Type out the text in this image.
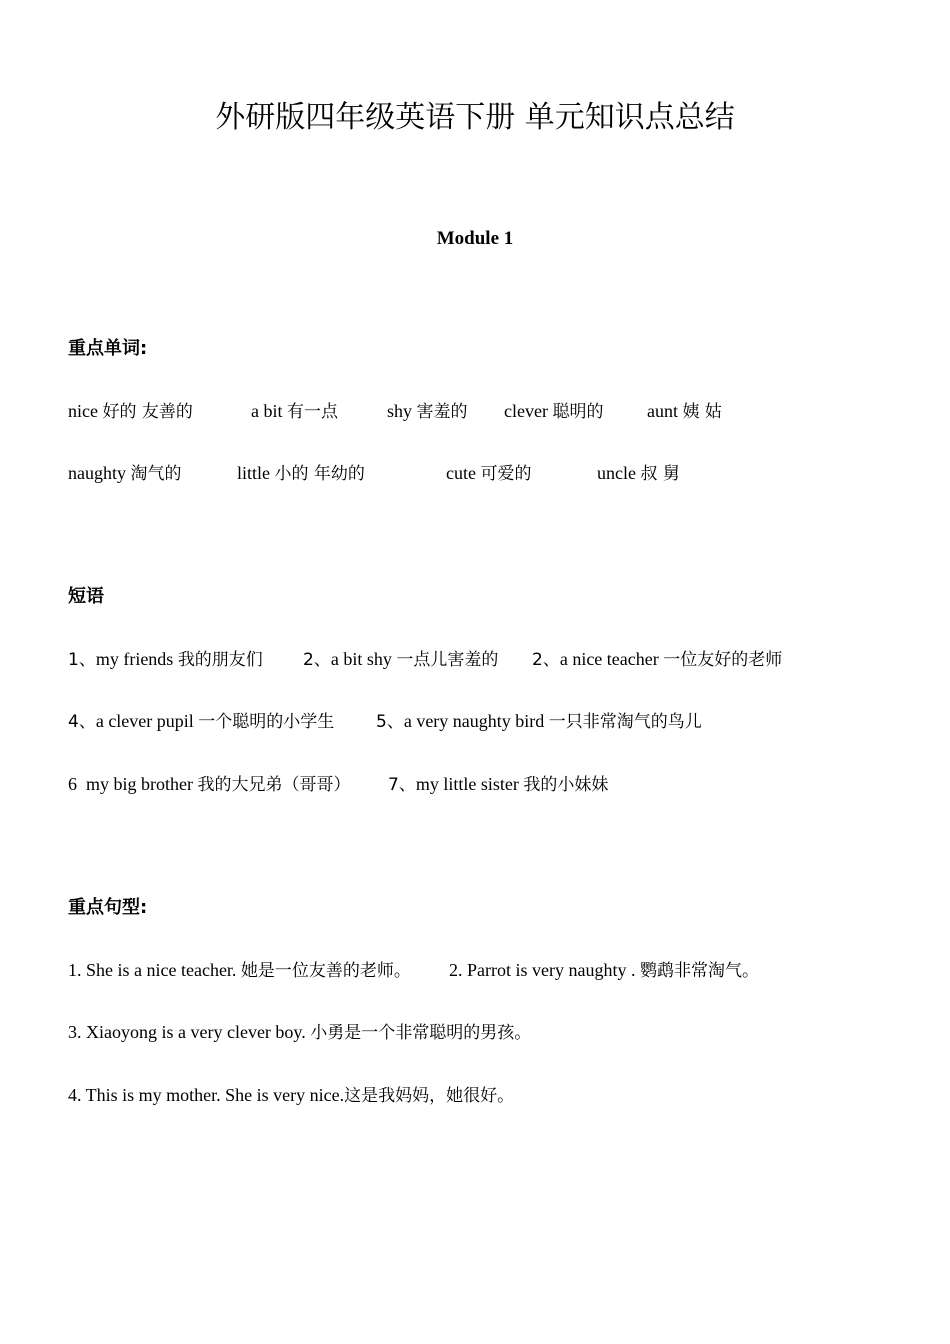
外研版四年级英语下册 单元知识点总结
Module 1
重点单词:
nice 好的 友善的	a bit 有一点	shy 害羞的 clever 聪明的 aunt 姨 姑
naughty 淘气的	little 小的 年幼的	cute 可爱的	uncle 叔 舅
短语
1、my friends 我的朋友们 2、a bit shy 一点儿害羞的 2、a nice teacher 一位友好的老师
4、a clever pupil 一个聪明的小学生 5、a very naughty bird 一只非常淘气的鸟儿
6  my big brother 我的大兄弟（哥哥） 7、my little sister 我的小妹妹
重点句型:
1. She is a nice teacher. 她是一位友善的老师。 2. Parrot is very naughty . 鹦鹉非常淘气。
3. Xiaoyong is a very clever boy. 小勇是一个非常聪明的男孩。
4. This is my mother. She is very nice.这是我妈妈，她很好。
